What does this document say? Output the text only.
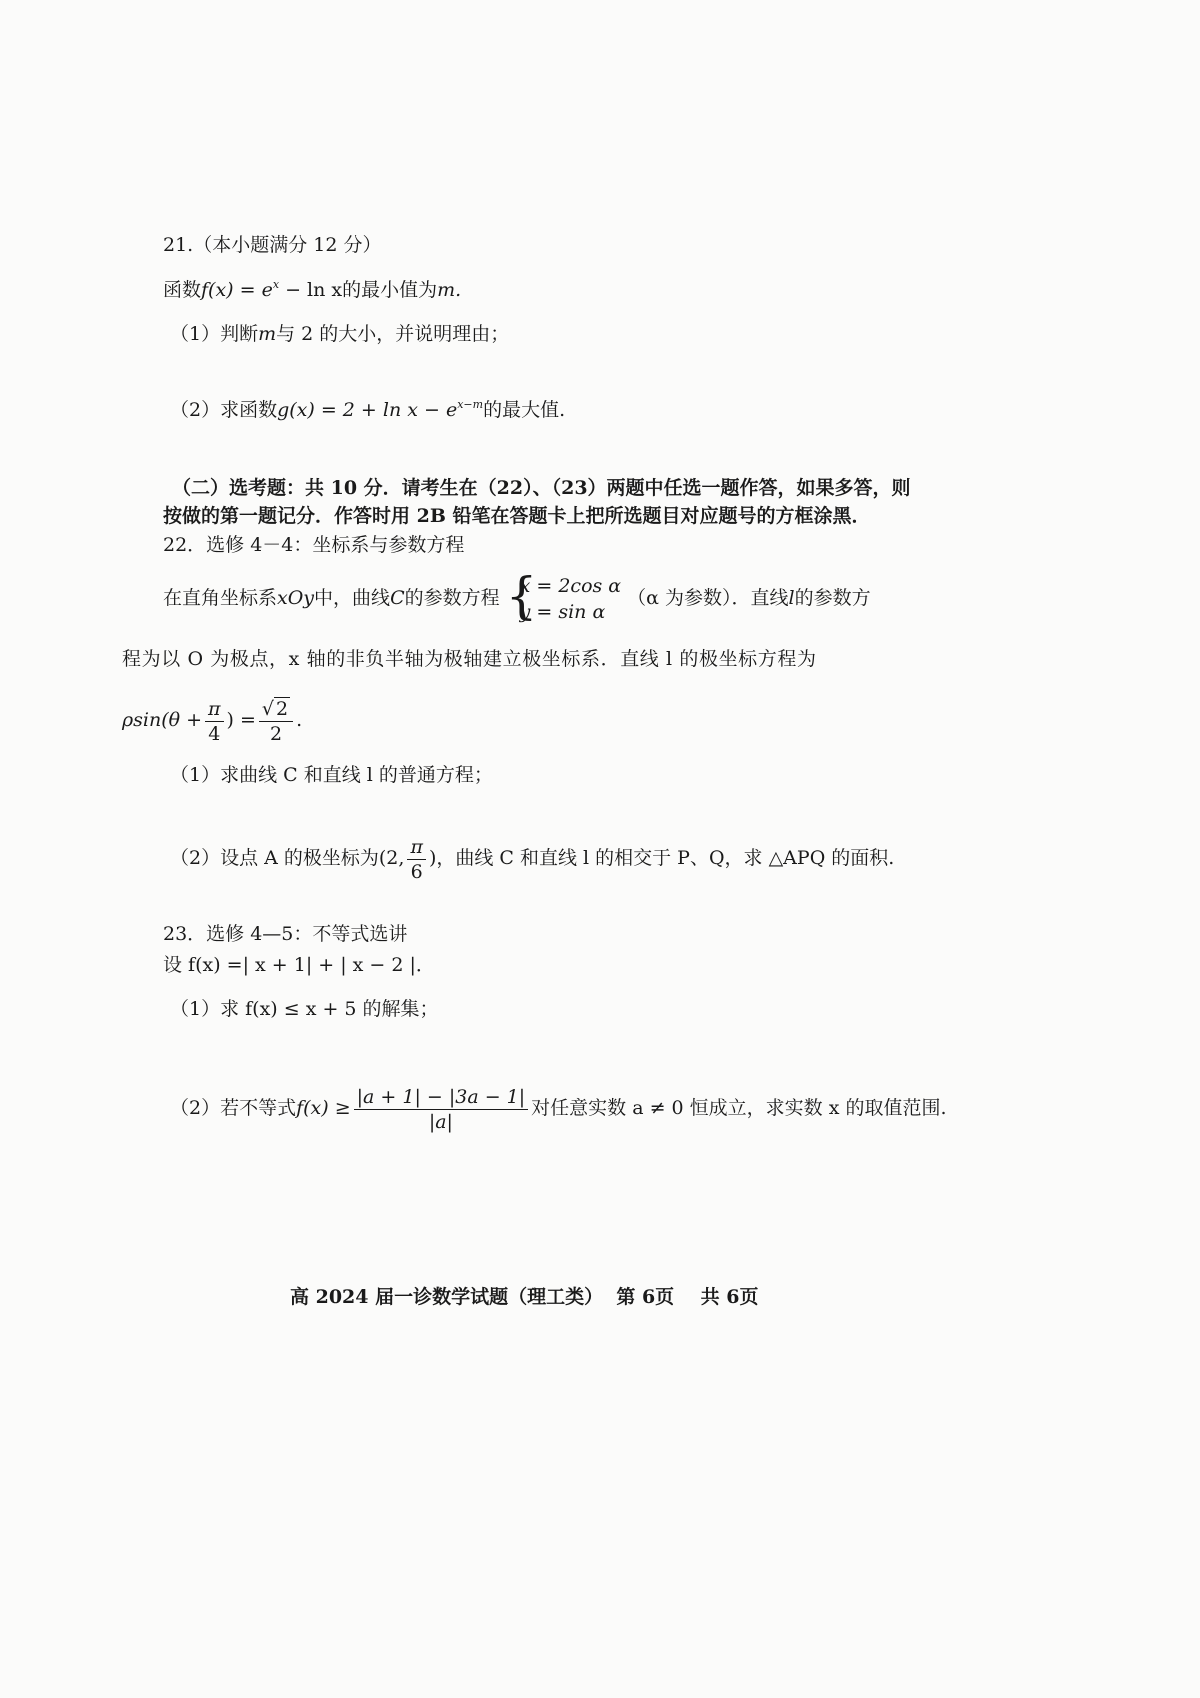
21.（本小题满分 12 分）
函数$f(x) = e^x - \ln x$的最小值为m.
（1）判断m与 2 的大小，并说明理由；
（2）求函数$g(x) = 2 + \ln x - e^{x-m}$的最大值.
（二）选考题：共 10 分．请考生在（22）、（23）两题中任选一题作答，如果多答，则
按做的第一题记分．作答时用 2B 铅笔在答题卡上把所选题目对应题号的方框涂黑．
22．选修 4－4：坐标系与参数方程
在直角坐标系xOy中，曲线C的参数方程 {
x = 2cos α
y = sin α
（α 为参数）．直线l的参数方
程为以 O 为极点，x 轴的非负半轴为极轴建立极坐标系．直线 l 的极坐标方程为
$\rho\sin(\theta + \frac{\pi}{4}$ ) = $\frac{√ 2}{2}$ .
（1）求曲线 C 和直线 l 的普通方程；
（2）设点 A 的极坐标为(2, $\frac{\pi}{6}$ )，曲线 C 和直线 l 的相交于 P、Q，求 △APQ 的面积.
23．选修 4—5：不等式选讲
设 f(x) =| x + 1| + | x − 2 |．
（1）求 f(x) ≤ x + 5 的解集；
（2）若不等式$f(x) \ge \frac{|a + 1| - |3a - 1|}{|a|}$ 对任意实数 a ≠ 0 恒成立，求实数 x 的取值范围.
高 2024 届一诊数学试题（理工类）  第 6页    共 6页
